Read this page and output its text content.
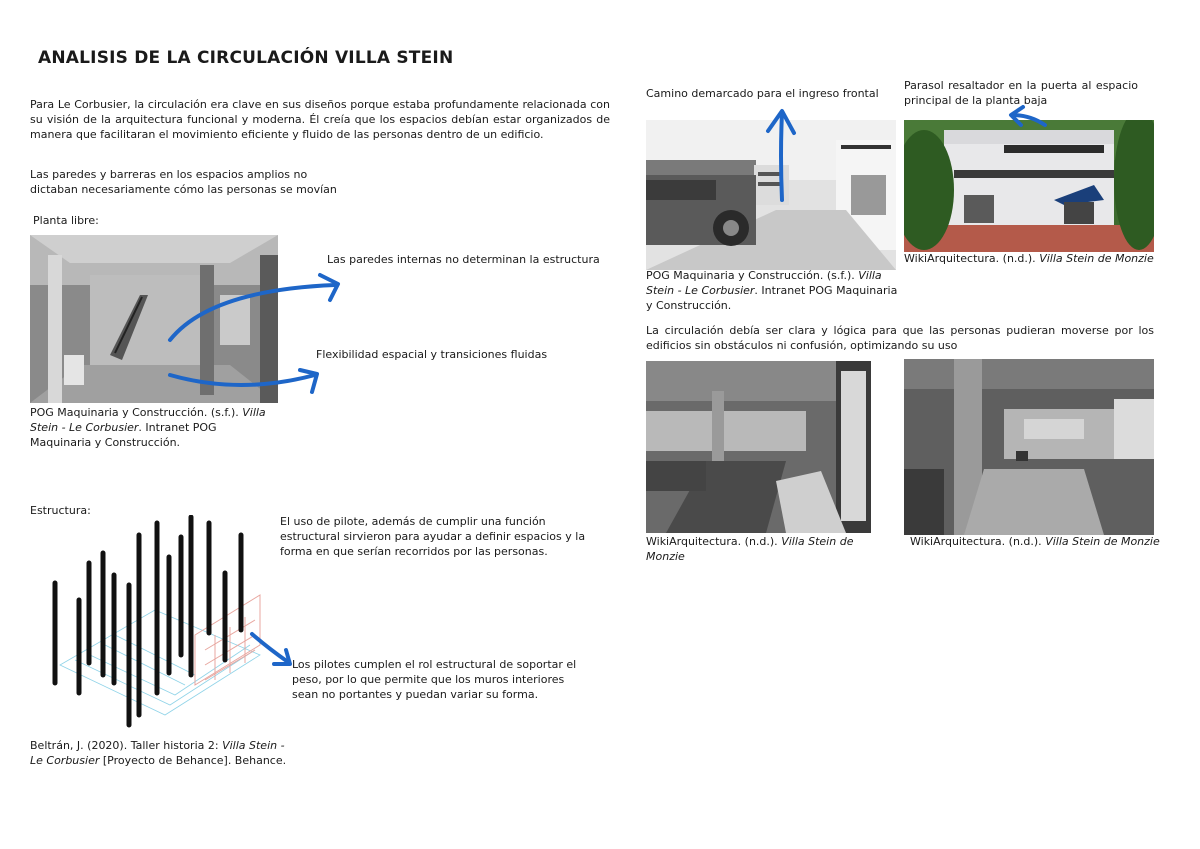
ANALISIS DE LA CIRCULACIÓN VILLA STEIN
Para Le Corbusier, la circulación era clave en sus diseños porque estaba profundamente relacionada con su visión de la arquitectura funcional y moderna. Él creía que los espacios debían estar organizados de manera que facilitaran el movimiento eficiente y fluido de las personas dentro de un edificio.
Las paredes y barreras en los espacios amplios no dictaban necesariamente cómo las personas se movían
Planta libre:
Las paredes internas no determinan la estructura
Flexibilidad espacial y transiciones fluidas
POG Maquinaria y Construcción. (s.f.). Villa Stein - Le Corbusier. Intranet POG Maquinaria y Construcción.
Estructura:
El uso de pilote, además de cumplir una función estructural sirvieron para ayudar a definir espacios y la forma en que serían recorridos por las personas.
Los pilotes cumplen el rol estructural de soportar el peso, por lo que permite que los muros interiores sean no portantes y puedan variar su forma.
Beltrán, J. (2020). Taller historia 2: Villa Stein - Le Corbusier [Proyecto de Behance]. Behance.
Camino demarcado para el ingreso frontal
Parasol resaltador en la puerta al espacio principal de la planta baja
POG Maquinaria y Construcción. (s.f.). Villa Stein - Le Corbusier. Intranet POG Maquinaria y Construcción.
WikiArquitectura. (n.d.). Villa Stein de Monzie
La circulación debía ser clara y lógica para que las personas pudieran moverse por los edificios sin obstáculos ni confusión, optimizando su uso
WikiArquitectura. (n.d.). Villa Stein de Monzie
WikiArquitectura. (n.d.). Villa Stein de Monzie
